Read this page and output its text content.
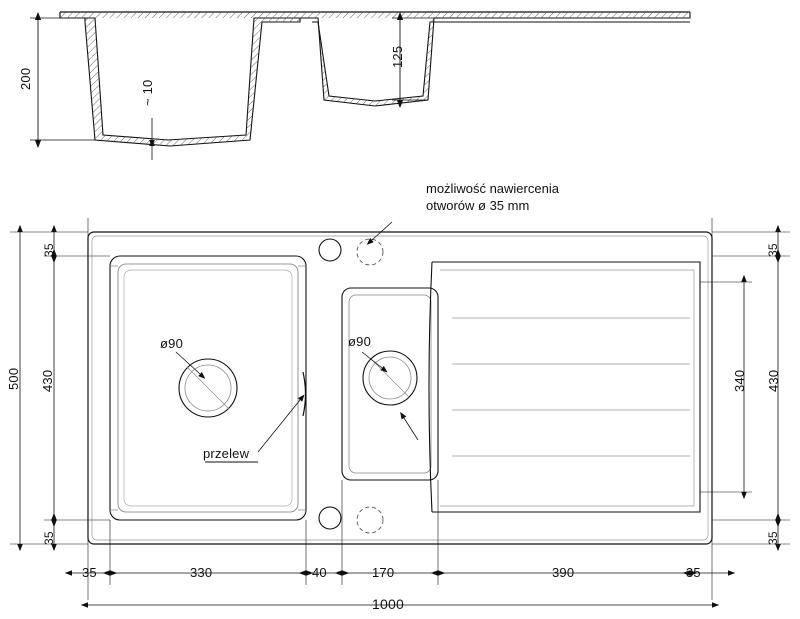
200
~ 10
125
możliwość nawiercenia
otworów ø 35 mm
500 430
35
35
35
35
430
340
ø90	ø90
przelew
35	330	40	170	390	35
1000
